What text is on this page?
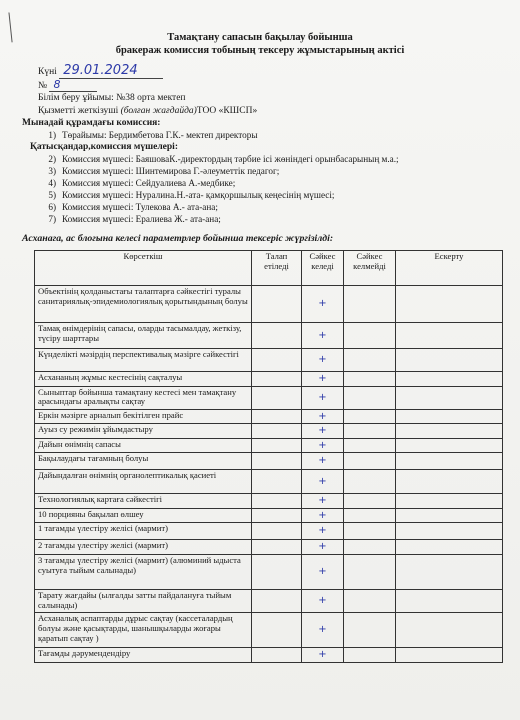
Тамақтану сапасын бақылау бойынша
бракераж комиссия тобының тексеру жұмыстарының актісі
Күні 29.01.2024
№ 8
Білім беру ұйымы: №38 орта мектеп
Қызметті жеткізуші (болған жағдайда)ТОО «КШСП»
Мынадай құрамдағы комиссия:
1) Төрайымы: Бердимбетова Г.К.- мектеп директоры
Қатысқандар,комиссия мүшелері:
2) Комиссия мүшесі: БаяшоваК.-директордың тәрбие ісі жөніндегі орынбасарының м.а.;
3) Комиссия мүшесі: Шинтемирова Г.-әлеуметтік педагог;
4) Комиссия мүшесі: Сейдуалиева А.-медбике;
5) Комиссия мүшесі: Нуралина.Н.-ата- қамқоршылық кеңесінің мүшесі;
6) Комиссия мүшесі: Тулекова А.- ата-ана;
7) Комиссия мүшесі: Ералиева Ж.- ата-ана;
Асханага, ас блогына келесі параметрлер бойынша тексеріс жүргізілді:
Көрсеткіш	Талап етіледі	Сәйкес келеді	Сәйкес келмейді	Ескерту
Объектінің қолданыстағы талаптарға сәйкестігі туралы санитариялық-эпидемиологиялық қорытындының болуы		+		
Тамақ өнімдерінің сапасы, оларды тасымалдау, жеткізу, түсіру шарттары		+		
Күнделікті мәзірдің перспективалық мәзірге сәйкестігі		+		
Асхананың жұмыс кестесінің сақталуы		+		
Сыныптар бойынша тамақтану кестесі мен тамақтану арасындағы аралықты сақтау		+		
Еркін мәзірге арналып бекітілген прайс		+		
Ауыз су режимін ұйымдастыру		+		
Дайын өнімнің сапасы		+		
Бақылаудағы тағамның болуы		+		
Дайындалған өнімнің органолептикалық қасиеті		+		
Технологиялық картаға сәйкестігі		+		
10 порцияны бақылап өлшеу		+		
1 тағамды үлестіру желісі (мармит)		+		
2 тағамды үлестіру желісі (мармит)		+		
3 тағамды үлестіру желісі (мармит) (алюминий ыдыста суытуға тыйым салынады)		+		
Тарату жағдайы (ылғалды затты пайдалануға тыйым салынады)		+		
Асханалық аспаптарды дұрыс сақтау (кассеталардың болуы және қасықтарды, шанышқыларды жоғары қаратып сақтау )		+		
Тағамды дәрумендендіру		+		
